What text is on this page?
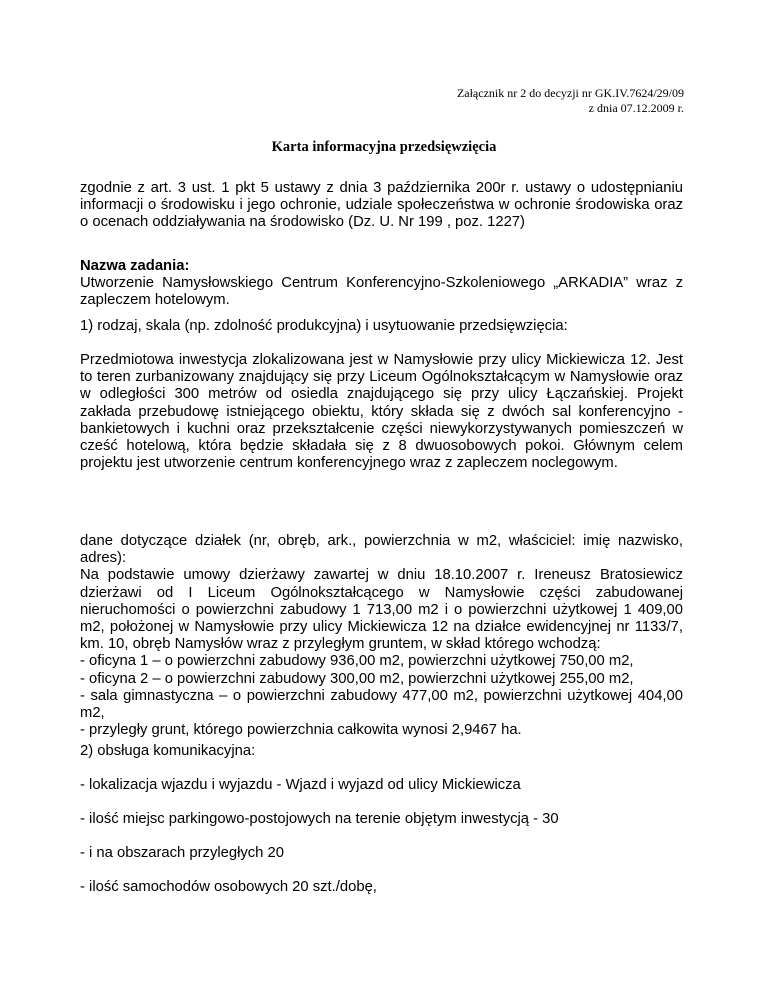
Załącznik nr 2 do decyzji nr GK.IV.7624/29/09
z dnia 07.12.2009 r.
Karta informacyjna przedsięwzięcia

zgodnie z art. 3 ust. 1 pkt 5 ustawy z dnia 3 października 200r r. ustawy o udostępnianiu informacji o środowisku i jego ochronie, udziale społeczeństwa w ochronie środowiska oraz o ocenach oddziaływania na środowisko (Dz. U. Nr 199 , poz. 1227)

Nazwa zadania:

Utworzenie Namysłowskiego Centrum Konferencyjno-Szkoleniowego „ARKADIA” wraz z zapleczem hotelowym.

1) rodzaj, skala (np. zdolność produkcyjna) i usytuowanie przedsięwzięcia:

Przedmiotowa inwestycja zlokalizowana jest w Namysłowie przy ulicy Mickiewicza 12. Jest to teren zurbanizowany znajdujący się przy Liceum Ogólnokształcącym w Namysłowie oraz w odległości 300 metrów od osiedla znajdującego się przy ulicy Łączańskiej. Projekt zakłada przebudowę istniejącego obiektu, który składa się z dwóch sal konferencyjno - bankietowych i kuchni oraz przekształcenie części niewykorzystywanych pomieszczeń w cześć hotelową, która będzie składała się z 8 dwuosobowych pokoi. Głównym celem projektu jest utworzenie centrum konferencyjnego wraz z zapleczem noclegowym.

dane dotyczące działek (nr, obręb, ark., powierzchnia w m2, właściciel: imię nazwisko, adres):

Na podstawie umowy dzierżawy zawartej w dniu 18.10.2007 r. Ireneusz Bratosiewicz dzierżawi od I Liceum Ogólnokształcącego w Namysłowie części zabudowanej nieruchomości o powierzchni zabudowy 1 713,00 m2 i o powierzchni użytkowej 1 409,00 m2, położonej w Namysłowie przy ulicy Mickiewicza 12 na działce ewidencyjnej nr 1133/7, km. 10, obręb Namysłów wraz z przyległym gruntem, w skład którego wchodzą:

- oficyna 1 – o powierzchni zabudowy 936,00 m2, powierzchni użytkowej 750,00 m2,

- oficyna 2 – o powierzchni zabudowy 300,00 m2, powierzchni użytkowej 255,00 m2,

- sala gimnastyczna – o powierzchni zabudowy 477,00 m2, powierzchni użytkowej 404,00 m2,

- przyległy grunt, którego powierzchnia całkowita wynosi 2,9467 ha.

2) obsługa komunikacyjna:

- lokalizacja wjazdu i wyjazdu - Wjazd i wyjazd od ulicy Mickiewicza

- ilość miejsc parkingowo-postojowych na terenie objętym inwestycją - 30

- i na obszarach przyległych 20

- ilość samochodów osobowych 20 szt./dobę,
